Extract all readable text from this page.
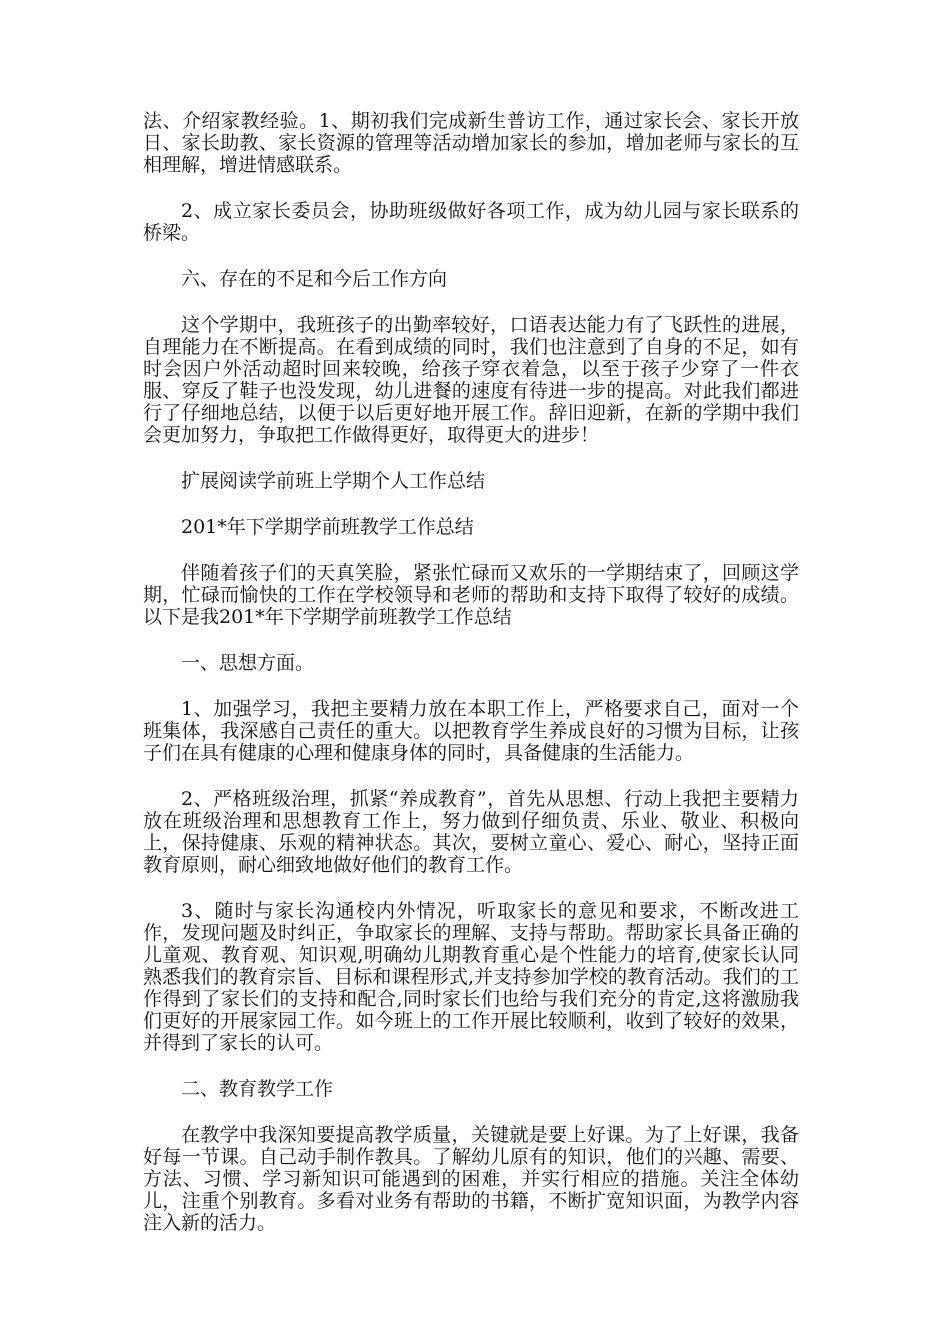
法、介绍家教经验。1、期初我们完成新生普访工作，通过家长会、家长开放日、家长助教、家长资源的管理等活动增加家长的参加，增加老师与家长的互相理解，增进情感联系。

2、成立家长委员会，协助班级做好各项工作，成为幼儿园与家长联系的桥梁。

六、存在的不足和今后工作方向

这个学期中，我班孩子的出勤率较好，口语表达能力有了飞跃性的进展，自理能力在不断提高。在看到成绩的同时，我们也注意到了自身的不足，如有时会因户外活动超时回来较晚，给孩子穿衣着急，以至于孩子少穿了一件衣服、穿反了鞋子也没发现，幼儿进餐的速度有待进一步的提高。对此我们都进行了仔细地总结，以便于以后更好地开展工作。辞旧迎新，在新的学期中我们会更加努力，争取把工作做得更好，取得更大的进步！

扩展阅读学前班上学期个人工作总结

201*年下学期学前班教学工作总结

伴随着孩子们的天真笑脸，紧张忙碌而又欢乐的一学期结束了，回顾这学期，忙碌而愉快的工作在学校领导和老师的帮助和支持下取得了较好的成绩。以下是我201*年下学期学前班教学工作总结

一、思想方面。

1、加强学习，我把主要精力放在本职工作上，严格要求自己，面对一个班集体，我深感自己责任的重大。以把教育学生养成良好的习惯为目标，让孩子们在具有健康的心理和健康身体的同时，具备健康的生活能力。

2、严格班级治理，抓紧“养成教育”，首先从思想、行动上我把主要精力放在班级治理和思想教育工作上，努力做到仔细负责、乐业、敬业、积极向上，保持健康、乐观的精神状态。其次，要树立童心、爱心、耐心，坚持正面教育原则，耐心细致地做好他们的教育工作。

3、随时与家长沟通校内外情况，听取家长的意见和要求，不断改进工作，发现问题及时纠正，争取家长的理解、支持与帮助。帮助家长具备正确的儿童观、教育观、知识观,明确幼儿期教育重心是个性能力的培育,使家长认同熟悉我们的教育宗旨、目标和课程形式,并支持参加学校的教育活动。我们的工作得到了家长们的支持和配合,同时家长们也给与我们充分的肯定,这将激励我们更好的开展家园工作。如今班上的工作开展比较顺利，收到了较好的效果，并得到了家长的认可。

二、教育教学工作

在教学中我深知要提高教学质量，关键就是要上好课。为了上好课，我备好每一节课。自己动手制作教具。了解幼儿原有的知识，他们的兴趣、需要、方法、习惯、学习新知识可能遇到的困难，并实行相应的措施。关注全体幼儿，注重个别教育。多看对业务有帮助的书籍，不断扩宽知识面，为教学内容注入新的活力。
